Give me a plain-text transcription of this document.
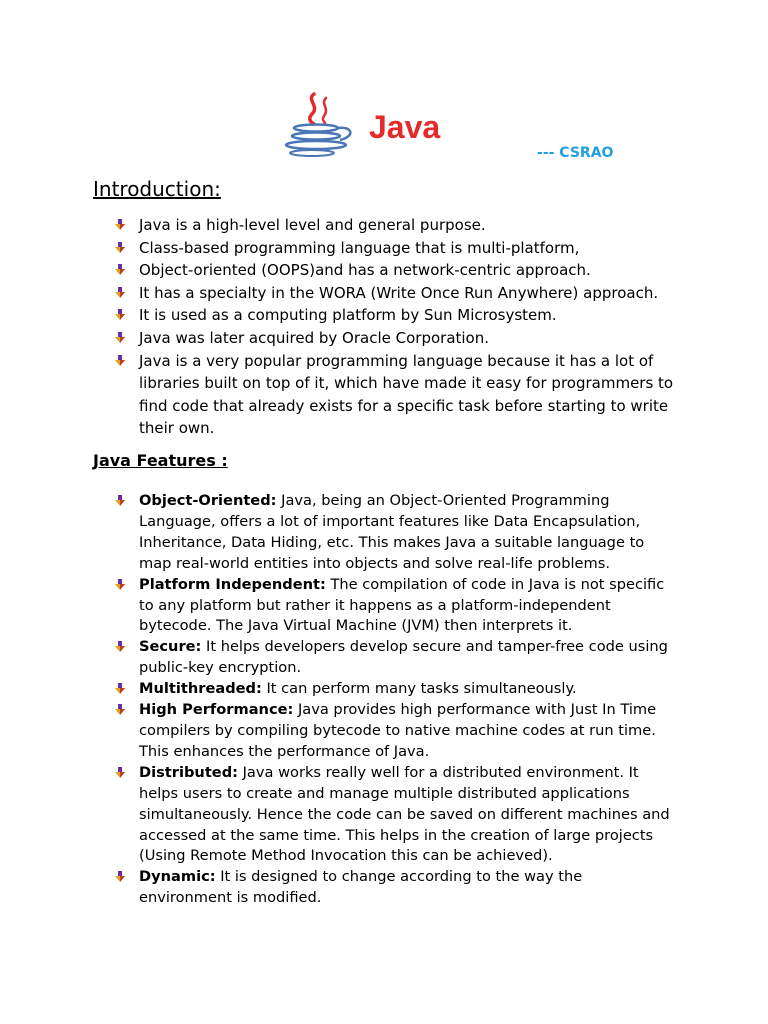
Java
--- CSRAO
Introduction:
Java is a high-level level and general purpose.
Class-based programming language that is multi-platform,
Object-oriented (OOPS)and has a network-centric approach.
It has a specialty in the WORA (Write Once Run Anywhere) approach.
It is used as a computing platform by Sun Microsystem.
Java was later acquired by Oracle Corporation.
Java is a very popular programming language because it has a lot of libraries built on top of it, which have made it easy for programmers to find code that already exists for a specific task before starting to write their own.
Java Features :
Object-Oriented: Java, being an Object-Oriented Programming Language, offers a lot of important features like Data Encapsulation, Inheritance, Data Hiding, etc. This makes Java a suitable language to map real-world entities into objects and solve real-life problems.
Platform Independent: The compilation of code in Java is not specific to any platform but rather it happens as a platform-independent bytecode. The Java Virtual Machine (JVM) then interprets it.
Secure: It helps developers develop secure and tamper-free code using public-key encryption.
Multithreaded: It can perform many tasks simultaneously.
High Performance: Java provides high performance with Just In Time compilers by compiling bytecode to native machine codes at run time. This enhances the performance of Java.
Distributed: Java works really well for a distributed environment. It helps users to create and manage multiple distributed applications simultaneously. Hence the code can be saved on different machines and accessed at the same time. This helps in the creation of large projects (Using Remote Method Invocation this can be achieved).
Dynamic: It is designed to change according to the way the environment is modified.
